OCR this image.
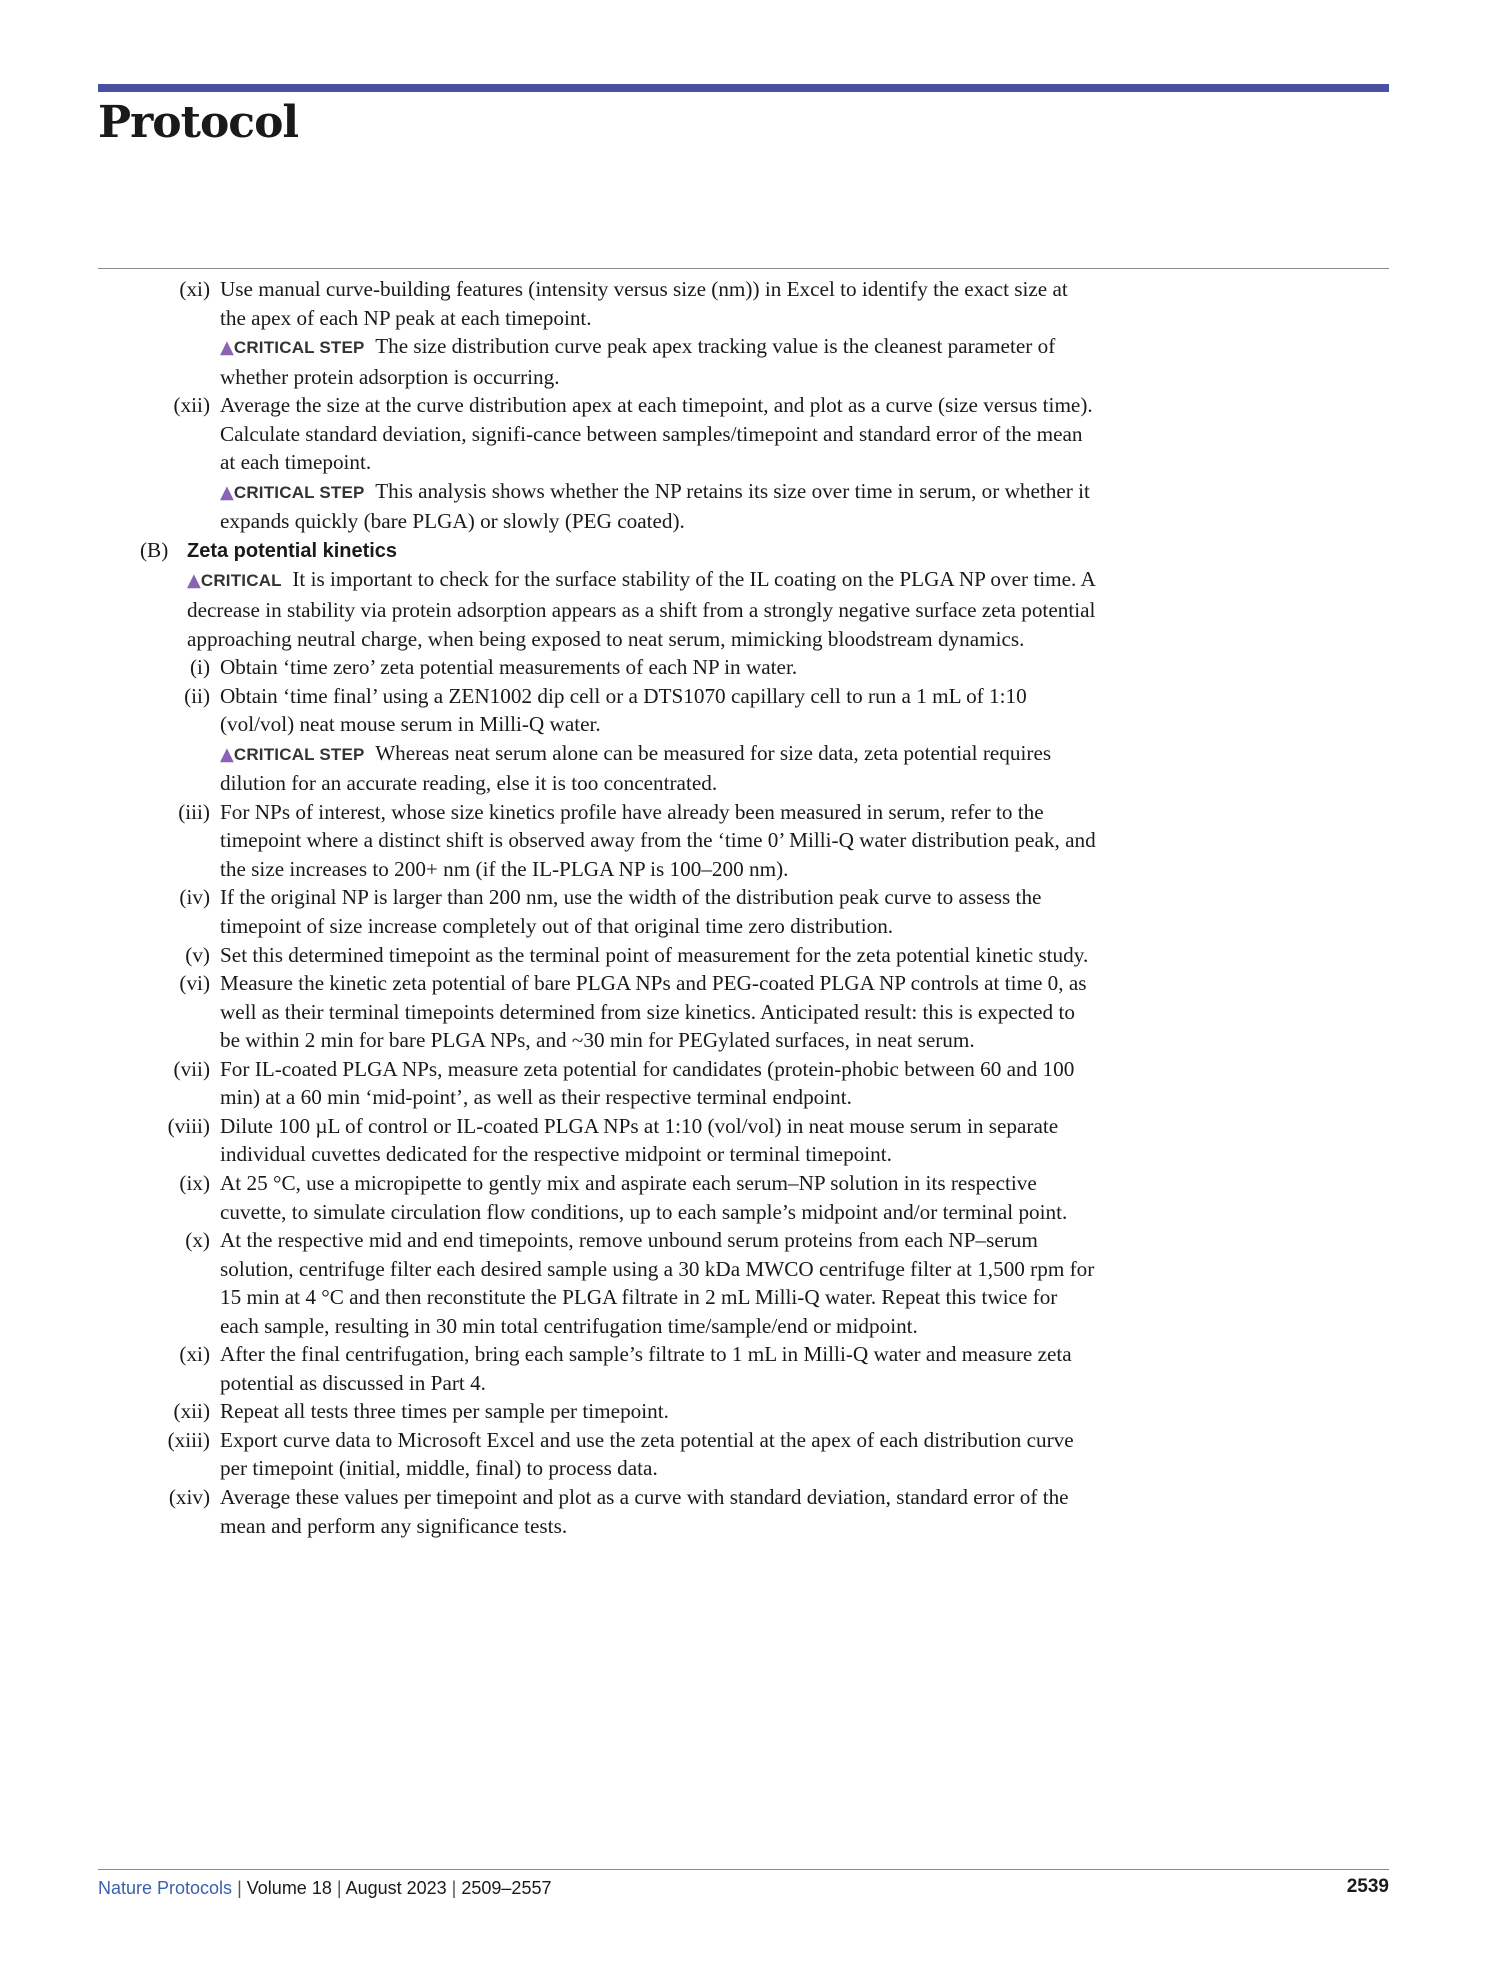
Protocol
(xi) Use manual curve-building features (intensity versus size (nm)) in Excel to identify the exact size at the apex of each NP peak at each timepoint.
▲CRITICAL STEP The size distribution curve peak apex tracking value is the cleanest parameter of whether protein adsorption is occurring.
(xii) Average the size at the curve distribution apex at each timepoint, and plot as a curve (size versus time). Calculate standard deviation, signifi-cance between samples/timepoint and standard error of the mean at each timepoint.
▲CRITICAL STEP This analysis shows whether the NP retains its size over time in serum, or whether it expands quickly (bare PLGA) or slowly (PEG coated).
(B) Zeta potential kinetics
▲CRITICAL It is important to check for the surface stability of the IL coating on the PLGA NP over time. A decrease in stability via protein adsorption appears as a shift from a strongly negative surface zeta potential approaching neutral charge, when being exposed to neat serum, mimicking bloodstream dynamics.
(i) Obtain ‘time zero’ zeta potential measurements of each NP in water.
(ii) Obtain ‘time final’ using a ZEN1002 dip cell or a DTS1070 capillary cell to run a 1 mL of 1:10 (vol/vol) neat mouse serum in Milli-Q water.
▲CRITICAL STEP Whereas neat serum alone can be measured for size data, zeta potential requires dilution for an accurate reading, else it is too concentrated.
(iii) For NPs of interest, whose size kinetics profile have already been measured in serum, refer to the timepoint where a distinct shift is observed away from the ‘time 0’ Milli-Q water distribution peak, and the size increases to 200+ nm (if the IL-PLGA NP is 100–200 nm).
(iv) If the original NP is larger than 200 nm, use the width of the distribution peak curve to assess the timepoint of size increase completely out of that original time zero distribution.
(v) Set this determined timepoint as the terminal point of measurement for the zeta potential kinetic study.
(vi) Measure the kinetic zeta potential of bare PLGA NPs and PEG-coated PLGA NP controls at time 0, as well as their terminal timepoints determined from size kinetics. Anticipated result: this is expected to be within 2 min for bare PLGA NPs, and ~30 min for PEGylated surfaces, in neat serum.
(vii) For IL-coated PLGA NPs, measure zeta potential for candidates (protein-phobic between 60 and 100 min) at a 60 min ‘mid-point’, as well as their respective terminal endpoint.
(viii) Dilute 100 µL of control or IL-coated PLGA NPs at 1:10 (vol/vol) in neat mouse serum in separate individual cuvettes dedicated for the respective midpoint or terminal timepoint.
(ix) At 25 °C, use a micropipette to gently mix and aspirate each serum–NP solution in its respective cuvette, to simulate circulation flow conditions, up to each sample’s midpoint and/or terminal point.
(x) At the respective mid and end timepoints, remove unbound serum proteins from each NP–serum solution, centrifuge filter each desired sample using a 30 kDa MWCO centrifuge filter at 1,500 rpm for 15 min at 4 °C and then reconstitute the PLGA filtrate in 2 mL Milli-Q water. Repeat this twice for each sample, resulting in 30 min total centrifugation time/sample/end or midpoint.
(xi) After the final centrifugation, bring each sample’s filtrate to 1 mL in Milli-Q water and measure zeta potential as discussed in Part 4.
(xii) Repeat all tests three times per sample per timepoint.
(xiii) Export curve data to Microsoft Excel and use the zeta potential at the apex of each distribution curve per timepoint (initial, middle, final) to process data.
(xiv) Average these values per timepoint and plot as a curve with standard deviation, standard error of the mean and perform any significance tests.
Nature Protocols | Volume 18 | August 2023 | 2509–2557	2539
